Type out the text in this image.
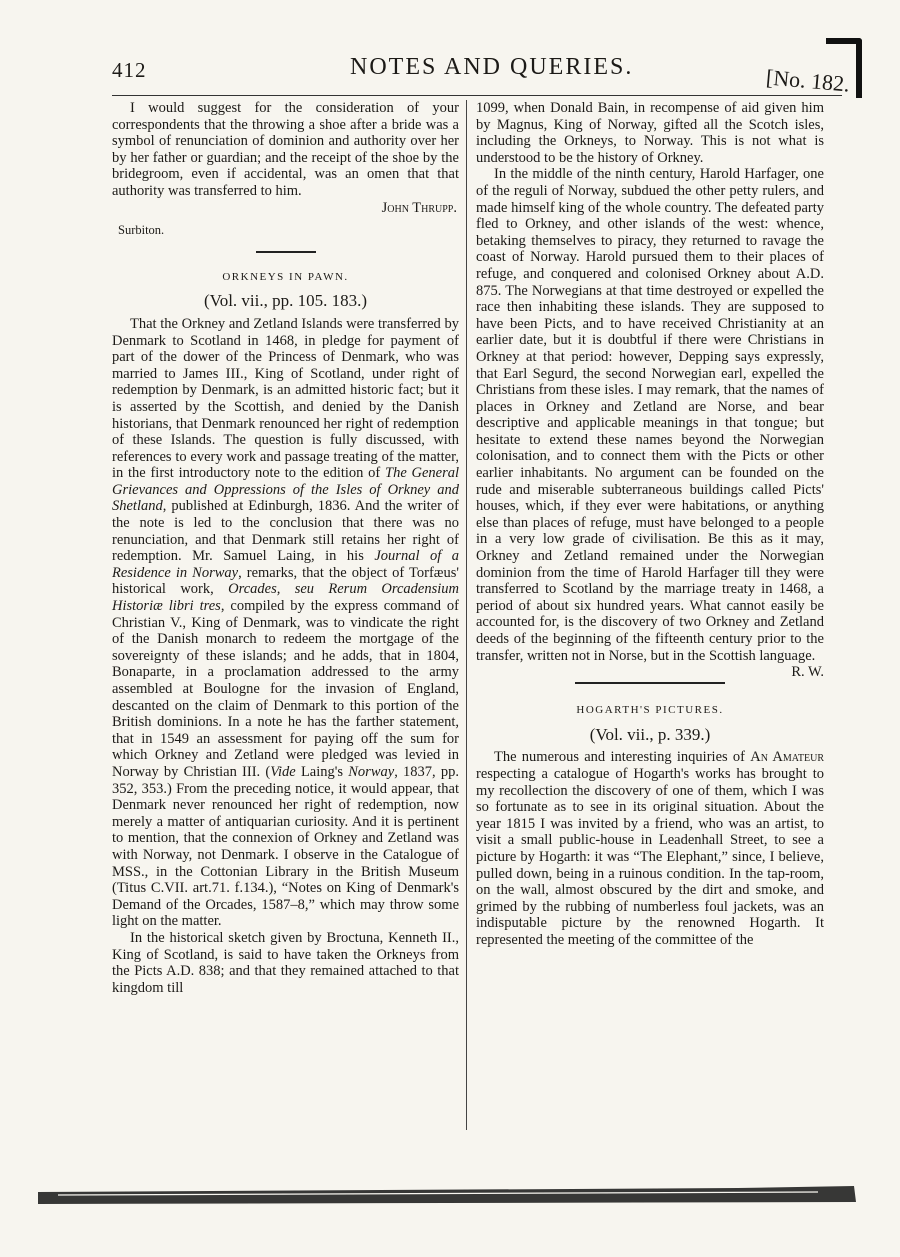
412	NOTES AND QUERIES.	[No. 182.

I would suggest for the consideration of your correspondents that the throwing a shoe after a bride was a symbol of renunciation of dominion and authority over her by her father or guardian; and the receipt of the shoe by the bridegroom, even if accidental, was an omen that that authority was transferred to him.

John Thrupp.
Surbiton.
ORKNEYS IN PAWN.
(Vol. vii., pp. 105. 183.)

That the Orkney and Zetland Islands were transferred by Denmark to Scotland in 1468, in pledge for payment of part of the dower of the Princess of Denmark, who was married to James III., King of Scotland, under right of redemption by Denmark, is an admitted historic fact; but it is asserted by the Scottish, and denied by the Danish historians, that Denmark renounced her right of redemption of these Islands. The question is fully discussed, with references to every work and passage treating of the matter, in the first introductory note to the edition of The General Grievances and Oppressions of the Isles of Orkney and Shetland, published at Edinburgh, 1836. And the writer of the note is led to the conclusion that there was no renunciation, and that Denmark still retains her right of redemption. Mr. Samuel Laing, in his Journal of a Residence in Norway, remarks, that the object of Torfæus' historical work, Orcades, seu Rerum Orcadensium Historiæ libri tres, compiled by the express command of Christian V., King of Denmark, was to vindicate the right of the Danish monarch to redeem the mortgage of the sovereignty of these islands; and he adds, that in 1804, Bonaparte, in a proclamation addressed to the army assembled at Boulogne for the invasion of England, descanted on the claim of Denmark to this portion of the British dominions. In a note he has the farther statement, that in 1549 an assessment for paying off the sum for which Orkney and Zetland were pledged was levied in Norway by Christian III. (Vide Laing's Norway, 1837, pp. 352, 353.) From the preceding notice, it would appear, that Denmark never renounced her right of redemption, now merely a matter of antiquarian curiosity. And it is pertinent to mention, that the connexion of Orkney and Zetland was with Norway, not Denmark. I observe in the Catalogue of MSS., in the Cottonian Library in the British Museum (Titus C.VII. art.71. f.134.), “Notes on King of Denmark's Demand of the Orcades, 1587–8,” which may throw some light on the matter.

In the historical sketch given by Broctuna, Kenneth II., King of Scotland, is said to have taken the Orkneys from the Picts A.D. 838; and that they remained attached to that kingdom till

1099, when Donald Bain, in recompense of aid given him by Magnus, King of Norway, gifted all the Scotch isles, including the Orkneys, to Norway. This is not what is understood to be the history of Orkney.

In the middle of the ninth century, Harold Harfager, one of the reguli of Norway, subdued the other petty rulers, and made himself king of the whole country. The defeated party fled to Orkney, and other islands of the west: whence, betaking themselves to piracy, they returned to ravage the coast of Norway. Harold pursued them to their places of refuge, and conquered and colonised Orkney about A.D. 875. The Norwegians at that time destroyed or expelled the race then inhabiting these islands. They are supposed to have been Picts, and to have received Christianity at an earlier date, but it is doubtful if there were Christians in Orkney at that period: however, Depping says expressly, that Earl Segurd, the second Norwegian earl, expelled the Christians from these isles. I may remark, that the names of places in Orkney and Zetland are Norse, and bear descriptive and applicable meanings in that tongue; but hesitate to extend these names beyond the Norwegian colonisation, and to connect them with the Picts or other earlier inhabitants. No argument can be founded on the rude and miserable subterraneous buildings called Picts' houses, which, if they ever were habitations, or anything else than places of refuge, must have belonged to a people in a very low grade of civilisation. Be this as it may, Orkney and Zetland remained under the Norwegian dominion from the time of Harold Harfager till they were transferred to Scotland by the marriage treaty in 1468, a period of about six hundred years. What cannot easily be accounted for, is the discovery of two Orkney and Zetland deeds of the beginning of the fifteenth century prior to the transfer, written not in Norse, but in the Scottish language.
R. W.

HOGARTH'S PICTURES.
(Vol. vii., p. 339.)

The numerous and interesting inquiries of An Amateur respecting a catalogue of Hogarth's works has brought to my recollection the discovery of one of them, which I was so fortunate as to see in its original situation. About the year 1815 I was invited by a friend, who was an artist, to visit a small public-house in Leadenhall Street, to see a picture by Hogarth: it was “The Elephant,” since, I believe, pulled down, being in a ruinous condition. In the tap-room, on the wall, almost obscured by the dirt and smoke, and grimed by the rubbing of numberless foul jackets, was an indisputable picture by the renowned Hogarth. It represented the meeting of the committee of the
